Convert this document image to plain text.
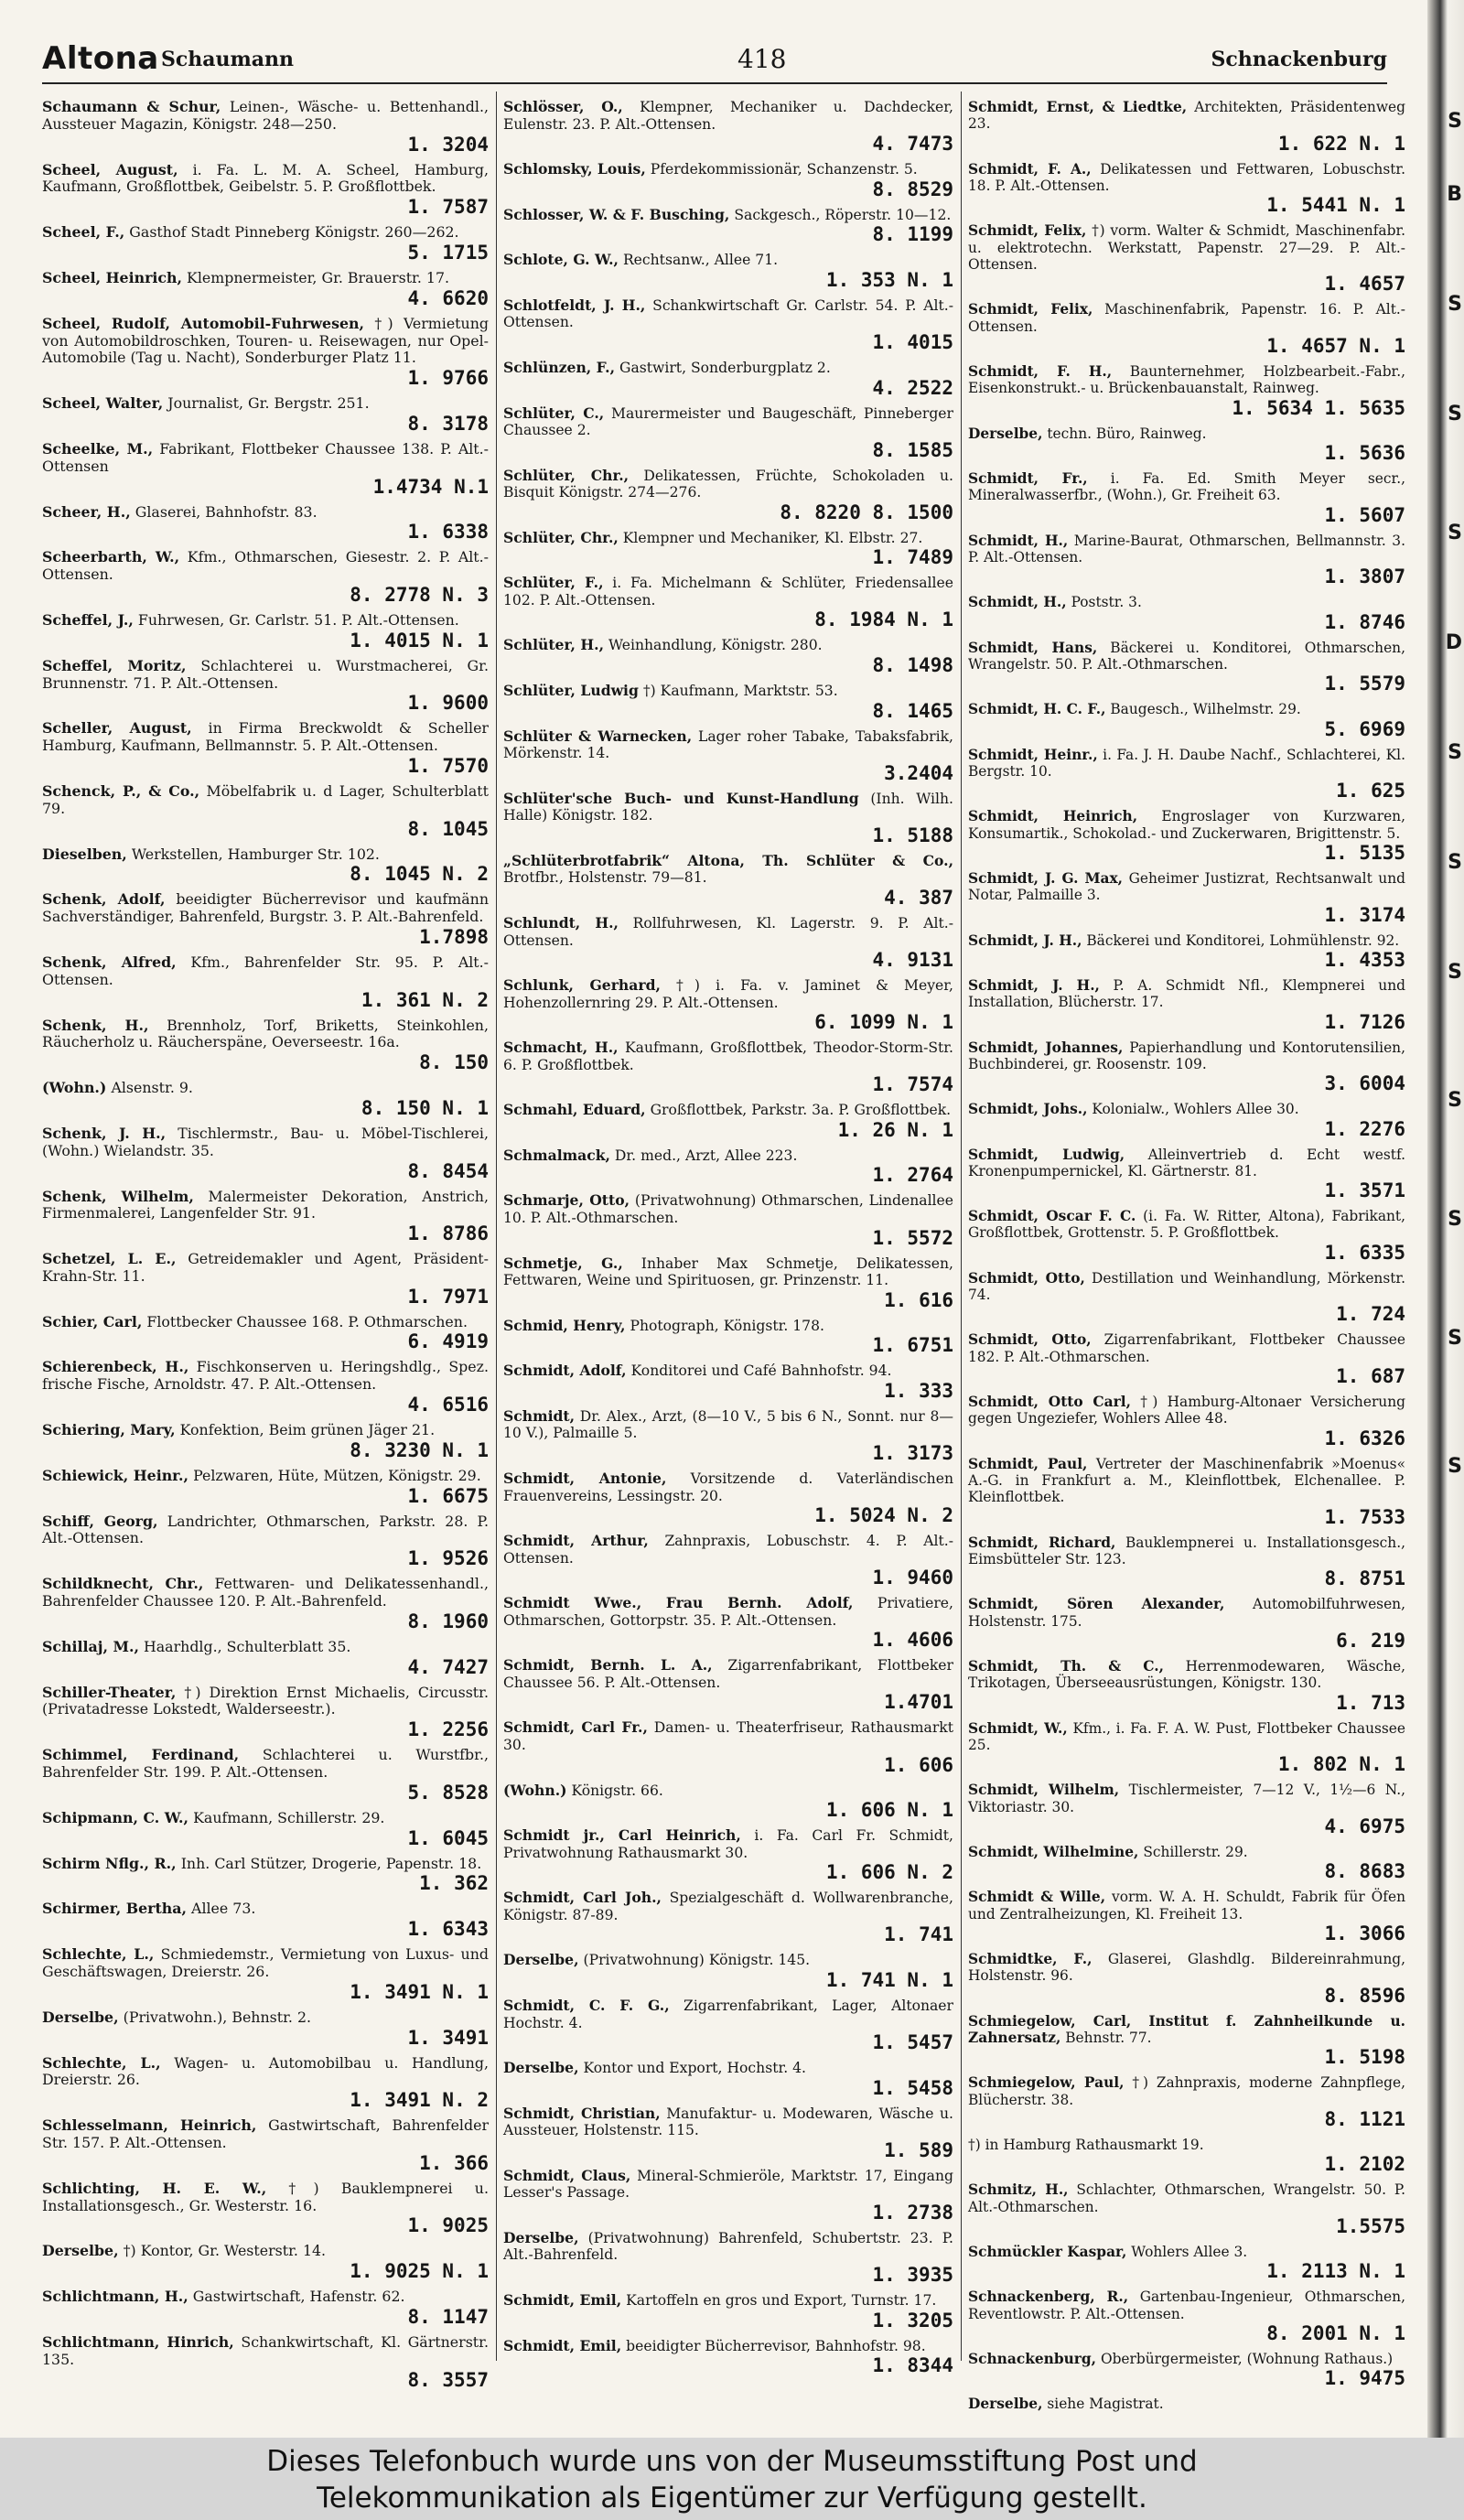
Altona Schaumann	418	Schnackenburg
Schaumann & Schur, Leinen-, Wäsche- u. Bettenhandl., Aussteuer Magazin, Königstr. 248—250.
1. 3204
Scheel, August, i. Fa. L. M. A. Scheel, Hamburg, Kaufmann, Großflottbek, Geibelstr. 5. P. Großflottbek.
1. 7587
Scheel, F., Gasthof Stadt Pinneberg Königstr. 260—262.
5. 1715
Scheel, Heinrich, Klempnermeister, Gr. Brauerstr. 17.
4. 6620
Scheel, Rudolf, Automobil-Fuhrwesen, †) Vermietung von Automobildroschken, Touren- u. Reisewagen, nur Opel-Automobile (Tag u. Nacht), Sonderburger Platz 11.
1. 9766
Scheel, Walter, Journalist, Gr. Bergstr. 251.
8. 3178
Scheelke, M., Fabrikant, Flottbeker Chaussee 138. P. Alt.-Ottensen
1.4734 N.1
Scheer, H., Glaserei, Bahnhofstr. 83.
1. 6338
Scheerbarth, W., Kfm., Othmarschen, Giesestr. 2. P. Alt.-Ottensen.
8. 2778 N. 3
Scheffel, J., Fuhrwesen, Gr. Carlstr. 51. P. Alt.-Ottensen.
1. 4015 N. 1
Scheffel, Moritz, Schlachterei u. Wurstmacherei, Gr. Brunnenstr. 71. P. Alt.-Ottensen.
1. 9600
Scheller, August, in Firma Breckwoldt & Scheller Hamburg, Kaufmann, Bellmannstr. 5. P. Alt.-Ottensen.
1. 7570
Schenck, P., & Co., Möbelfabrik u. d Lager, Schulterblatt 79.
8. 1045
Dieselben, Werkstellen, Hamburger Str. 102.
8. 1045 N. 2
Schenk, Adolf, beeidigter Bücherrevisor und kaufmänn Sachverständiger, Bahrenfeld, Burgstr. 3. P. Alt.-Bahrenfeld.
1.7898
Schenk, Alfred, Kfm., Bahrenfelder Str. 95. P. Alt.-Ottensen.
1. 361 N. 2
Schenk, H., Brennholz, Torf, Briketts, Steinkohlen, Räucherholz u. Räucherspäne, Oeverseestr. 16a.
8. 150
(Wohn.) Alsenstr. 9.
8. 150 N. 1
Schenk, J. H., Tischlermstr., Bau- u. Möbel-Tischlerei, (Wohn.) Wielandstr. 35.
8. 8454
Schenk, Wilhelm, Malermeister Dekoration, Anstrich, Firmenmalerei, Langenfelder Str. 91.
1. 8786
Schetzel, L. E., Getreidemakler und Agent, Präsident-Krahn-Str. 11.
1. 7971
Schier, Carl, Flottbecker Chaussee 168. P. Othmarschen.
6. 4919
Schierenbeck, H., Fischkonserven u. Heringshdlg., Spez. frische Fische, Arnoldstr. 47. P. Alt.-Ottensen.
4. 6516
Schiering, Mary, Konfektion, Beim grünen Jäger 21.
8. 3230 N. 1
Schiewick, Heinr., Pelzwaren, Hüte, Mützen, Königstr. 29.
1. 6675
Schiff, Georg, Landrichter, Othmarschen, Parkstr. 28. P. Alt.-Ottensen.
1. 9526
Schildknecht, Chr., Fettwaren- und Delikatessenhandl., Bahrenfelder Chaussee 120. P. Alt.-Bahrenfeld.
8. 1960
Schillaj, M., Haarhdlg., Schulterblatt 35.
4. 7427
Schiller-Theater, †) Direktion Ernst Michaelis, Circusstr. (Privatadresse Lokstedt, Walderseestr.).
1. 2256
Schimmel, Ferdinand, Schlachterei u. Wurstfbr., Bahrenfelder Str. 199. P. Alt.-Ottensen.
5. 8528
Schipmann, C. W., Kaufmann, Schillerstr. 29.
1. 6045
Schirm Nflg., R., Inh. Carl Stützer, Drogerie, Papenstr. 18.
1. 362
Schirmer, Bertha, Allee 73.
1. 6343
Schlechte, L., Schmiedemstr., Vermietung von Luxus- und Geschäftswagen, Dreierstr. 26.
1. 3491 N. 1
Derselbe, (Privatwohn.), Behnstr. 2.
1. 3491
Schlechte, L., Wagen- u. Automobilbau u. Handlung, Dreierstr. 26.
1. 3491 N. 2
Schlesselmann, Heinrich, Gastwirtschaft, Bahrenfelder Str. 157. P. Alt.-Ottensen.
1. 366
Schlichting, H. E. W., †) Bauklempnerei u. Installationsgesch., Gr. Westerstr. 16.
1. 9025
Derselbe, †) Kontor, Gr. Westerstr. 14.
1. 9025 N. 1
Schlichtmann, H., Gastwirtschaft, Hafenstr. 62.
8. 1147
Schlichtmann, Hinrich, Schankwirtschaft, Kl. Gärtnerstr. 135.
8. 3557
Schlösser, O., Klempner, Mechaniker u. Dachdecker, Eulenstr. 23. P. Alt.-Ottensen.
4. 7473
Schlomsky, Louis, Pferdekommissionär, Schanzenstr. 5.
8. 8529
Schlosser, W. & F. Busching, Sackgesch., Röperstr. 10—12.
8. 1199
Schlote, G. W., Rechtsanw., Allee 71.
1. 353 N. 1
Schlotfeldt, J. H., Schankwirtschaft Gr. Carlstr. 54. P. Alt.-Ottensen.
1. 4015
Schlünzen, F., Gastwirt, Sonderburgplatz 2.
4. 2522
Schlüter, C., Maurermeister und Baugeschäft, Pinneberger Chaussee 2.
8. 1585
Schlüter, Chr., Delikatessen, Früchte, Schokoladen u. Bisquit Königstr. 274—276.
8. 8220 8. 1500
Schlüter, Chr., Klempner und Mechaniker, Kl. Elbstr. 27.
1. 7489
Schlüter, F., i. Fa. Michelmann & Schlüter, Friedensallee 102. P. Alt.-Ottensen.
8. 1984 N. 1
Schlüter, H., Weinhandlung, Königstr. 280.
8. 1498
Schlüter, Ludwig †) Kaufmann, Marktstr. 53.
8. 1465
Schlüter & Warnecken, Lager roher Tabake, Tabaksfabrik, Mörkenstr. 14.
3.2404
Schlüter'sche Buch- und Kunst-Handlung (Inh. Wilh. Halle) Königstr. 182.
1. 5188
„Schlüterbrotfabrik“ Altona, Th. Schlüter & Co., Brotfbr., Holstenstr. 79—81.
4. 387
Schlundt, H., Rollfuhrwesen, Kl. Lagerstr. 9. P. Alt.-Ottensen.
4. 9131
Schlunk, Gerhard, †) i. Fa. v. Jaminet & Meyer, Hohenzollernring 29. P. Alt.-Ottensen.
6. 1099 N. 1
Schmacht, H., Kaufmann, Großflottbek, Theodor-Storm-Str. 6. P. Großflottbek.
1. 7574
Schmahl, Eduard, Großflottbek, Parkstr. 3a. P. Großflottbek.
1. 26 N. 1
Schmalmack, Dr. med., Arzt, Allee 223.
1. 2764
Schmarje, Otto, (Privatwohnung) Othmarschen, Lindenallee 10. P. Alt.-Othmarschen.
1. 5572
Schmetje, G., Inhaber Max Schmetje, Delikatessen, Fettwaren, Weine und Spirituosen, gr. Prinzenstr. 11.
1. 616
Schmid, Henry, Photograph, Königstr. 178.
1. 6751
Schmidt, Adolf, Konditorei und Café Bahnhofstr. 94.
1. 333
Schmidt, Dr. Alex., Arzt, (8—10 V., 5 bis 6 N., Sonnt. nur 8—10 V.), Palmaille 5.
1. 3173
Schmidt, Antonie, Vorsitzende d. Vaterländischen Frauenvereins, Lessingstr. 20.
1. 5024 N. 2
Schmidt, Arthur, Zahnpraxis, Lobuschstr. 4. P. Alt.-Ottensen.
1. 9460
Schmidt Wwe., Frau Bernh. Adolf, Privatiere, Othmarschen, Gottorpstr. 35. P. Alt.-Ottensen.
1. 4606
Schmidt, Bernh. L. A., Zigarrenfabrikant, Flottbeker Chaussee 56. P. Alt.-Ottensen.
1.4701
Schmidt, Carl Fr., Damen- u. Theaterfriseur, Rathausmarkt 30.
1. 606
(Wohn.) Königstr. 66.
1. 606 N. 1
Schmidt jr., Carl Heinrich, i. Fa. Carl Fr. Schmidt, Privatwohnung Rathausmarkt 30.
1. 606 N. 2
Schmidt, Carl Joh., Spezialgeschäft d. Wollwarenbranche, Königstr. 87-89.
1. 741
Derselbe, (Privatwohnung) Königstr. 145.
1. 741 N. 1
Schmidt, C. F. G., Zigarrenfabrikant, Lager, Altonaer Hochstr. 4.
1. 5457
Derselbe, Kontor und Export, Hochstr. 4.
1. 5458
Schmidt, Christian, Manufaktur- u. Modewaren, Wäsche u. Aussteuer, Holstenstr. 115.
1. 589
Schmidt, Claus, Mineral-Schmieröle, Marktstr. 17, Eingang Lesser's Passage.
1. 2738
Derselbe, (Privatwohnung) Bahrenfeld, Schubertstr. 23. P. Alt.-Bahrenfeld.
1. 3935
Schmidt, Emil, Kartoffeln en gros und Export, Turnstr. 17.
1. 3205
Schmidt, Emil, beeidigter Bücherrevisor, Bahnhofstr. 98.
1. 8344
Schmidt, Ernst, & Liedtke, Architekten, Präsidentenweg 23.
1. 622 N. 1
Schmidt, F. A., Delikatessen und Fettwaren, Lobuschstr. 18. P. Alt.-Ottensen.
1. 5441 N. 1
Schmidt, Felix, †) vorm. Walter & Schmidt, Maschinenfabr. u. elektrotechn. Werkstatt, Papenstr. 27—29. P. Alt.-Ottensen.
1. 4657
Schmidt, Felix, Maschinenfabrik, Papenstr. 16. P. Alt.-Ottensen.
1. 4657 N. 1
Schmidt, F. H., Baunternehmer, Holzbearbeit.-Fabr., Eisenkonstrukt.- u. Brückenbauanstalt, Rainweg.
1. 5634 1. 5635
Derselbe, techn. Büro, Rainweg.
1. 5636
Schmidt, Fr., i. Fa. Ed. Smith Meyer secr., Mineralwasserfbr., (Wohn.), Gr. Freiheit 63.
1. 5607
Schmidt, H., Marine-Baurat, Othmarschen, Bellmannstr. 3. P. Alt.-Ottensen.
1. 3807
Schmidt, H., Poststr. 3.
1. 8746
Schmidt, Hans, Bäckerei u. Konditorei, Othmarschen, Wrangelstr. 50. P. Alt.-Othmarschen.
1. 5579
Schmidt, H. C. F., Baugesch., Wilhelmstr. 29.
5. 6969
Schmidt, Heinr., i. Fa. J. H. Daube Nachf., Schlachterei, Kl. Bergstr. 10.
1. 625
Schmidt, Heinrich, Engroslager von Kurzwaren, Konsumartik., Schokolad.- und Zuckerwaren, Brigittenstr. 5.
1. 5135
Schmidt, J. G. Max, Geheimer Justizrat, Rechtsanwalt und Notar, Palmaille 3.
1. 3174
Schmidt, J. H., Bäckerei und Konditorei, Lohmühlenstr. 92.
1. 4353
Schmidt, J. H., P. A. Schmidt Nfl., Klempnerei und Installation, Blücherstr. 17.
1. 7126
Schmidt, Johannes, Papierhandlung und Kontorutensilien, Buchbinderei, gr. Roosenstr. 109.
3. 6004
Schmidt, Johs., Kolonialw., Wohlers Allee 30.
1. 2276
Schmidt, Ludwig, Alleinvertrieb d. Echt westf. Kronenpumpernickel, Kl. Gärtnerstr. 81.
1. 3571
Schmidt, Oscar F. C. (i. Fa. W. Ritter, Altona), Fabrikant, Großflottbek, Grottenstr. 5. P. Großflottbek.
1. 6335
Schmidt, Otto, Destillation und Weinhandlung, Mörkenstr. 74.
1. 724
Schmidt, Otto, Zigarrenfabrikant, Flottbeker Chaussee 182. P. Alt.-Othmarschen.
1. 687
Schmidt, Otto Carl, †) Hamburg-Altonaer Versicherung gegen Ungeziefer, Wohlers Allee 48.
1. 6326
Schmidt, Paul, Vertreter der Maschinenfabrik »Moenus« A.-G. in Frankfurt a. M., Kleinflottbek, Elchenallee. P. Kleinflottbek.
1. 7533
Schmidt, Richard, Bauklempnerei u. Installationsgesch., Eimsbütteler Str. 123.
8. 8751
Schmidt, Sören Alexander, Automobilfuhrwesen, Holstenstr. 175.
6. 219
Schmidt, Th. & C., Herrenmodewaren, Wäsche, Trikotagen, Überseeausrüstungen, Königstr. 130.
1. 713
Schmidt, W., Kfm., i. Fa. F. A. W. Pust, Flottbeker Chaussee 25.
1. 802 N. 1
Schmidt, Wilhelm, Tischlermeister, 7—12 V., 1½—6 N., Viktoriastr. 30.
4. 6975
Schmidt, Wilhelmine, Schillerstr. 29.
8. 8683
Schmidt & Wille, vorm. W. A. H. Schuldt, Fabrik für Öfen und Zentralheizungen, Kl. Freiheit 13.
1. 3066
Schmidtke, F., Glaserei, Glashdlg. Bildereinrahmung, Holstenstr. 96.
8. 8596
Schmiegelow, Carl, Institut f. Zahnheilkunde u. Zahnersatz, Behnstr. 77.
1. 5198
Schmiegelow, Paul, †) Zahnpraxis, moderne Zahnpflege, Blücherstr. 38.
8. 1121
†) in Hamburg Rathausmarkt 19.
1. 2102
Schmitz, H., Schlachter, Othmarschen, Wrangelstr. 50. P. Alt.-Othmarschen.
1.5575
Schmückler Kaspar, Wohlers Allee 3.
1. 2113 N. 1
Schnackenberg, R., Gartenbau-Ingenieur, Othmarschen, Reventlowstr. P. Alt.-Ottensen.
8. 2001 N. 1
Schnackenburg, Oberbürgermeister, (Wohnung Rathaus.)
1. 9475
Derselbe, siehe Magistrat.
S
B
S
S
S
D
S
S
S
S
S
S
S
Dieses Telefonbuch wurde uns von der Museumsstiftung Post und
Telekommunikation als Eigentümer zur Verfügung gestellt.
